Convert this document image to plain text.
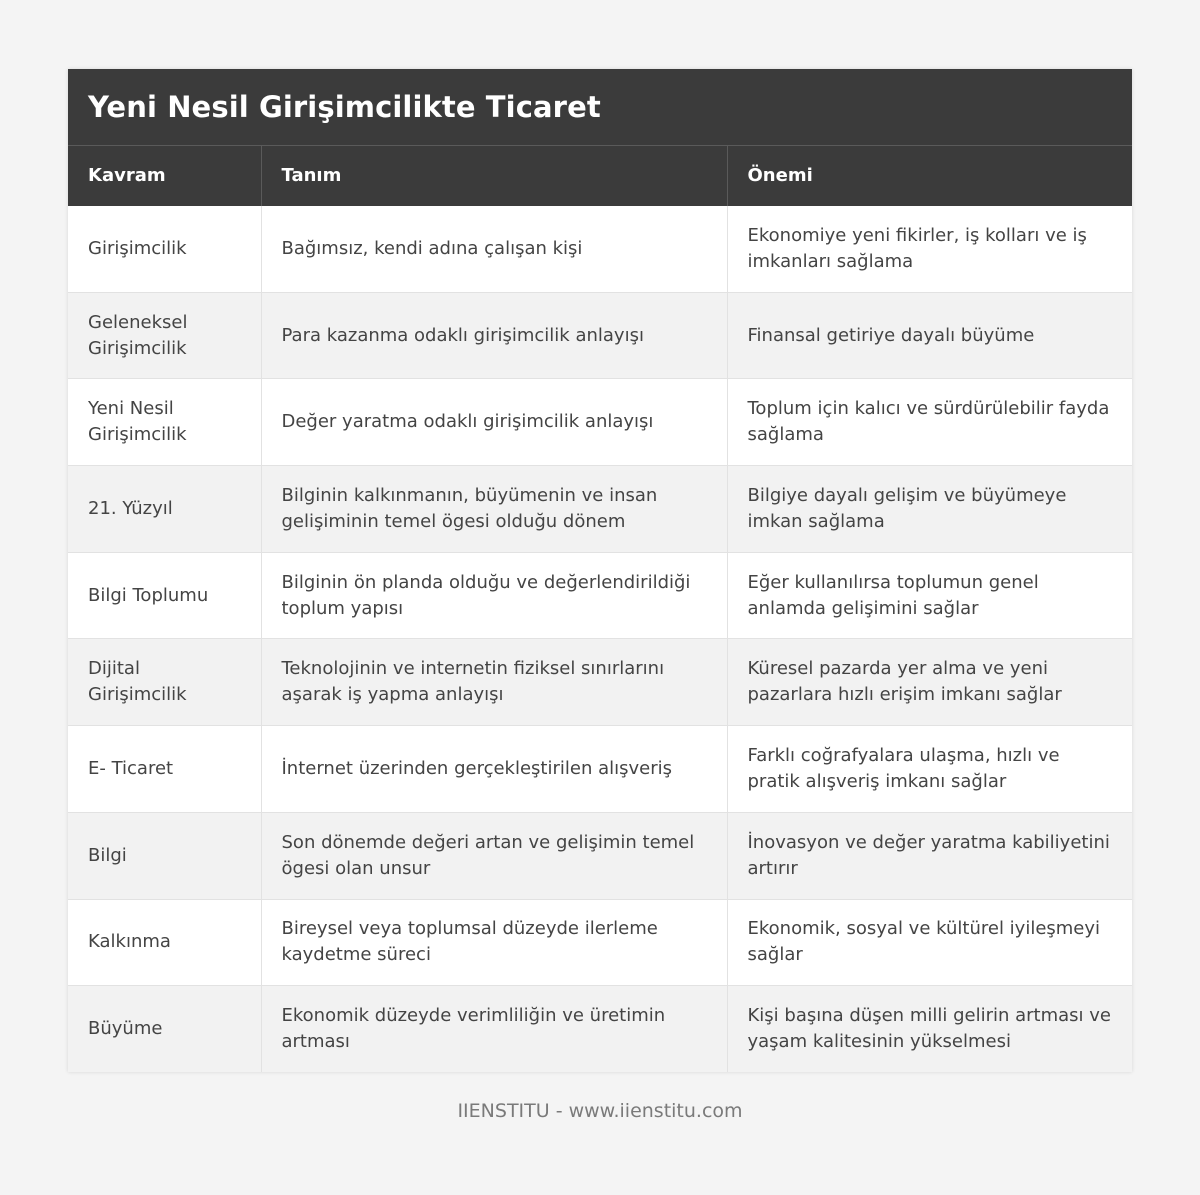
Yeni Nesil Girişimcilikte Ticaret
Kavram	Tanım	Önemi
Girişimcilik	Bağımsız, kendi adına çalışan kişi	Ekonomiye yeni fikirler, iş kolları ve iş imkanları sağlama
Geleneksel Girişimcilik	Para kazanma odaklı girişimcilik anlayışı	Finansal getiriye dayalı büyüme
Yeni Nesil Girişimcilik	Değer yaratma odaklı girişimcilik anlayışı	Toplum için kalıcı ve sürdürülebilir fayda sağlama
21. Yüzyıl	Bilginin kalkınmanın, büyümenin ve insan gelişiminin temel ögesi olduğu dönem	Bilgiye dayalı gelişim ve büyümeye imkan sağlama
Bilgi Toplumu	Bilginin ön planda olduğu ve değerlendirildiği toplum yapısı	Eğer kullanılırsa toplumun genel anlamda gelişimini sağlar
Dijital Girişimcilik	Teknolojinin ve internetin fiziksel sınırlarını aşarak iş yapma anlayışı	Küresel pazarda yer alma ve yeni pazarlara hızlı erişim imkanı sağlar
E- Ticaret	İnternet üzerinden gerçekleştirilen alışveriş	Farklı coğrafyalara ulaşma, hızlı ve pratik alışveriş imkanı sağlar
Bilgi	Son dönemde değeri artan ve gelişimin temel ögesi olan unsur	İnovasyon ve değer yaratma kabiliyetini artırır
Kalkınma	Bireysel veya toplumsal düzeyde ilerleme kaydetme süreci	Ekonomik, sosyal ve kültürel iyileşmeyi sağlar
Büyüme	Ekonomik düzeyde verimliliğin ve üretimin artması	Kişi başına düşen milli gelirin artması ve yaşam kalitesinin yükselmesi
IIENSTITU - www.iienstitu.com
